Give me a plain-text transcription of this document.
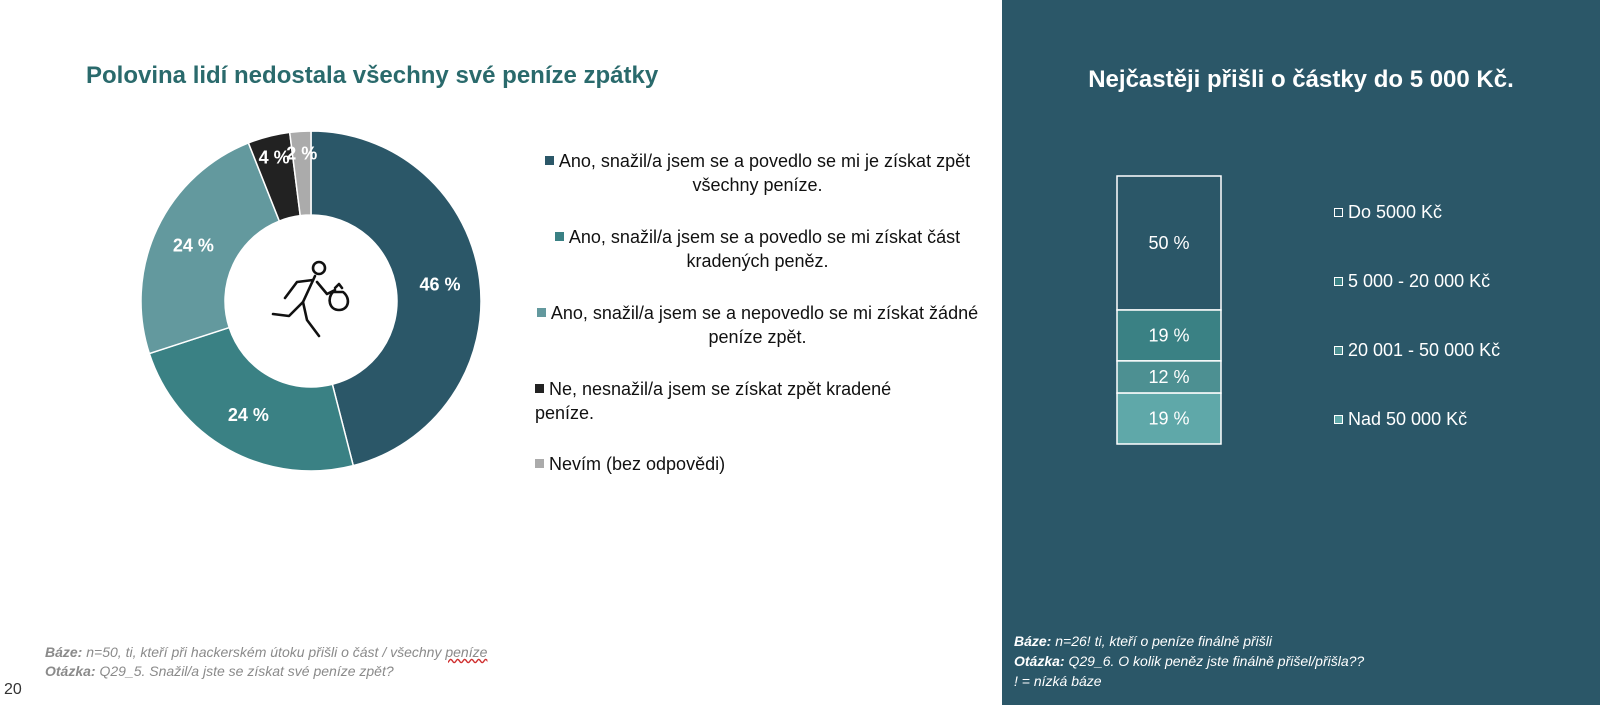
Polovina lidí nedostala všechny své peníze zpátky	Nejčastěji přišli o částky do 5 000 Kč.
46 %
24 %
24 %
4 %
2 %	Ano, snažil/a jsem se a povedlo se mi je získat zpět všechny peníze.
Ano, snažil/a jsem se a povedlo se mi získat část kradených peněz.
Ano, snažil/a jsem se a nepovedlo se mi získat žádné peníze zpět.
Ne, nesnažil/a jsem se získat zpět kradené peníze.
Nevím (bez odpovědi)
50 %
19 %
12 %
19 %
Do 5000 Kč
5 000 - 20 000 Kč
20 001 - 50 000 Kč
Nad 50 000 Kč
Báze: n=50, ti, kteří při hackerském útoku přišli o část / všechny peníze
Otázka: Q29_5. Snažil/a jste se získat své peníze zpět?
Báze: n=26! ti, kteří o peníze finálně přišli
Otázka: Q29_6. O kolik peněz jste finálně přišel/přišla??
! = nízká báze
20
